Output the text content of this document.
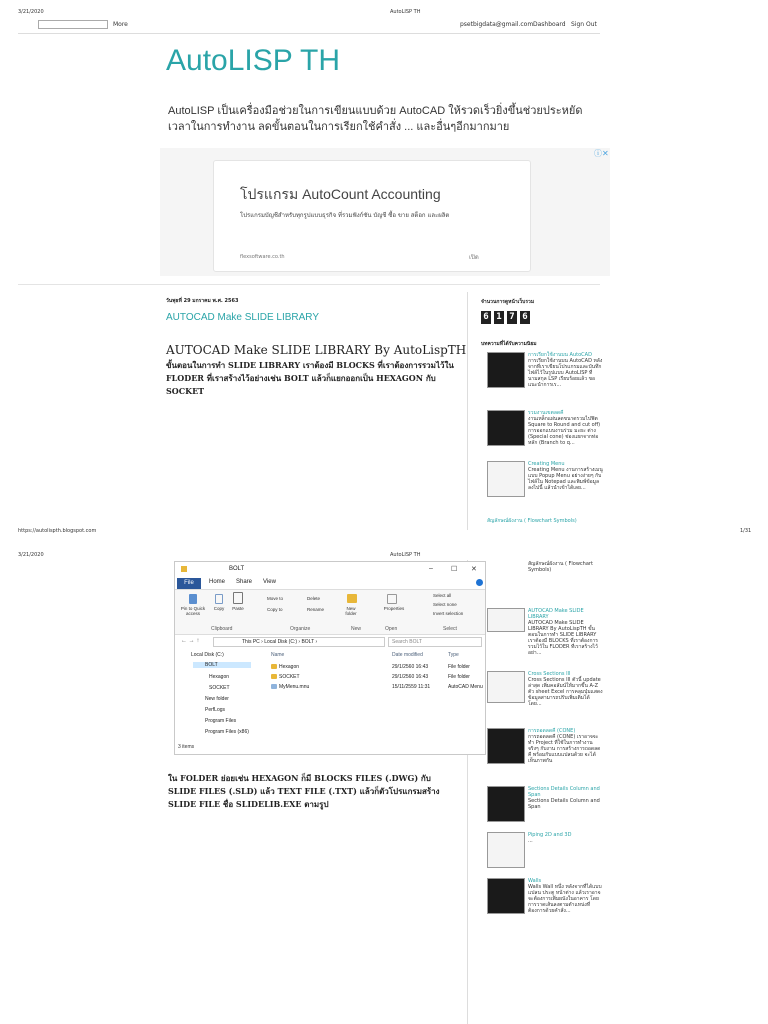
3/21/2020	AutoLISP TH
More	psetbigdata@gmail.com Dashboard Sign Out
AutoLISP TH
AutoLISP เป็นเครื่องมือช่วยในการเขียนแบบด้วย AutoCAD ให้รวดเร็วยิ่งขึ้นช่วยประหยัดเวลาในการทำงาน ลดขั้นตอนในการเรียกใช้คำสั่ง ... และอื่นๆอีกมากมาย
โปรแกรม AutoCount Accounting
โปรแกรมบัญชีสำหรับทุกรูปแบบธุรกิจ ที่รวมฟังก์ชัน บัญชี ซื้อ ขาย สต็อก และผลิต
flexsoftware.co.th	เปิด
ⓘ✕
วันพุธที่ 29 มกราคม พ.ศ. 2563
AUTOCAD Make SLIDE LIBRARY
AUTOCAD Make SLIDE LIBRARY By AutoLispTH
ขั้นตอนในการทำ SLIDE LIBRARY เราต้องมี BLOCKS ที่เราต้องการรวมไว้ใน FLODER ที่เราสร้างไว้อย่างเช่น BOLT แล้วก็แยกออกเป็น HEXAGON กับ SOCKET
จำนวนการดูหน้าเว็บรวม
6 1 7 6
บทความที่ได้รับความนิยม
การเรียกใช้งานบน AutoCAD
การเรียกใช้งานบน AutoCAD หลังจากที่เราเขียนโปรแกรมและบันทึกไฟล์ไว้ในรูปแบบ AutoLISP ที่นามสกุล LSP เรียบร้อยแล้ว ขอแนะนำการเร...
รวมงานเขตลดคี
งานเหล็กแผ่นลดขนาดรวมไปฟิต Square to Round and cut off) การออกแบบงานร่วม มะยะ ต่าง (Special cone) ช่องแยกจากท่อหลัก (Branch to q...
Creating Menu
Creating Menu งานการสร้างเมนูแบบ Popup Menu อย่างง่ายๆ กับไฟล์ใน Notepad และพิมพ์ข้อมูลลงไปนี้ แล้วนำเข้าได้เลย...
สัญลักษณ์ผังงาน ( Flowchart Symbols)
https://autolispth.blogspot.com	1/31
3/21/2020	AutoLISP TH
BOLT	–	☐ ✕
File	Home Share View
Pin to Quick access
Copy	Paste
Move to	Delete
Copy to	Rename	New folder
Properties
Select all
Select none
Invert selection
Clipboard	Organize	New	Open	Select
← → ↑	This PC › Local Disk (C:) › BOLT ›	Search BOLT
Local Disk (C:)
BOLT
Hexagon
SOCKET
New folder
PerfLogs
Program Files
Program Files (x86)
Name	Date modified	Type
Hexagon	29/1/2560 16:43	File folder
SOCKET	29/1/2560 16:43	File folder
MyMenu.mnu	15/11/2559 11:31	AutoCAD Menu
3 items
ใน FOLDER ย่อยเช่น HEXAGON ก็มี BLOCKS FILES (.DWG) กับ SLIDE FILES (.SLD) แล้ว TEXT FILE (.TXT) แล้วก็ตัวโปรแกรมสร้าง SLIDE FILE ชื่อ SLIDELIB.EXE ตามรูป
สัญลักษณ์ผังงาน ( Flowchart Symbols)
AUTOCAD Make SLIDE LIBRARY
AUTOCAD Make SLIDE LIBRARY By AutoLispTH ขั้นตอนในการทำ SLIDE LIBRARY เราต้องมี BLOCKS ที่เราต้องการรวมไว้ใน FLODER ที่เราสร้างไว้อย่า...
Cross Sections III
Cross Sections III ตัวนี้ update ล่าสุด เพิ่มคอลัมน์ให้มากขึ้น A-Z ตัว sheet Excel การคลุมปุ่มแสดงข้อมูลสามารถปรับเพิ่มเติมได้โดย...
การถอดลดคี (CONE)
การถอดลดคี (CONE) เราอาจจะทำ Project ที่ใช้ในการทำงานจริงๆ กับงาน การสร้างการถอดลดคี พร้อมกับแบบแปลนด้วย จะได้เห็นภาพกัน
Sections Details Column and Span
Sections Details Column and Span
Piping 2D and 3D
...
Walls
Walls Wall หนึ่ง หลังจากที่ได้แบบแปลน ประตู หน้าต่าง แล้วเราอาจจะต้องการเพิ่มผนังในอาคาร โดยการวาดเส้นลงตามตำแหน่งที่ต้องการด้วยคำสั่ง...
